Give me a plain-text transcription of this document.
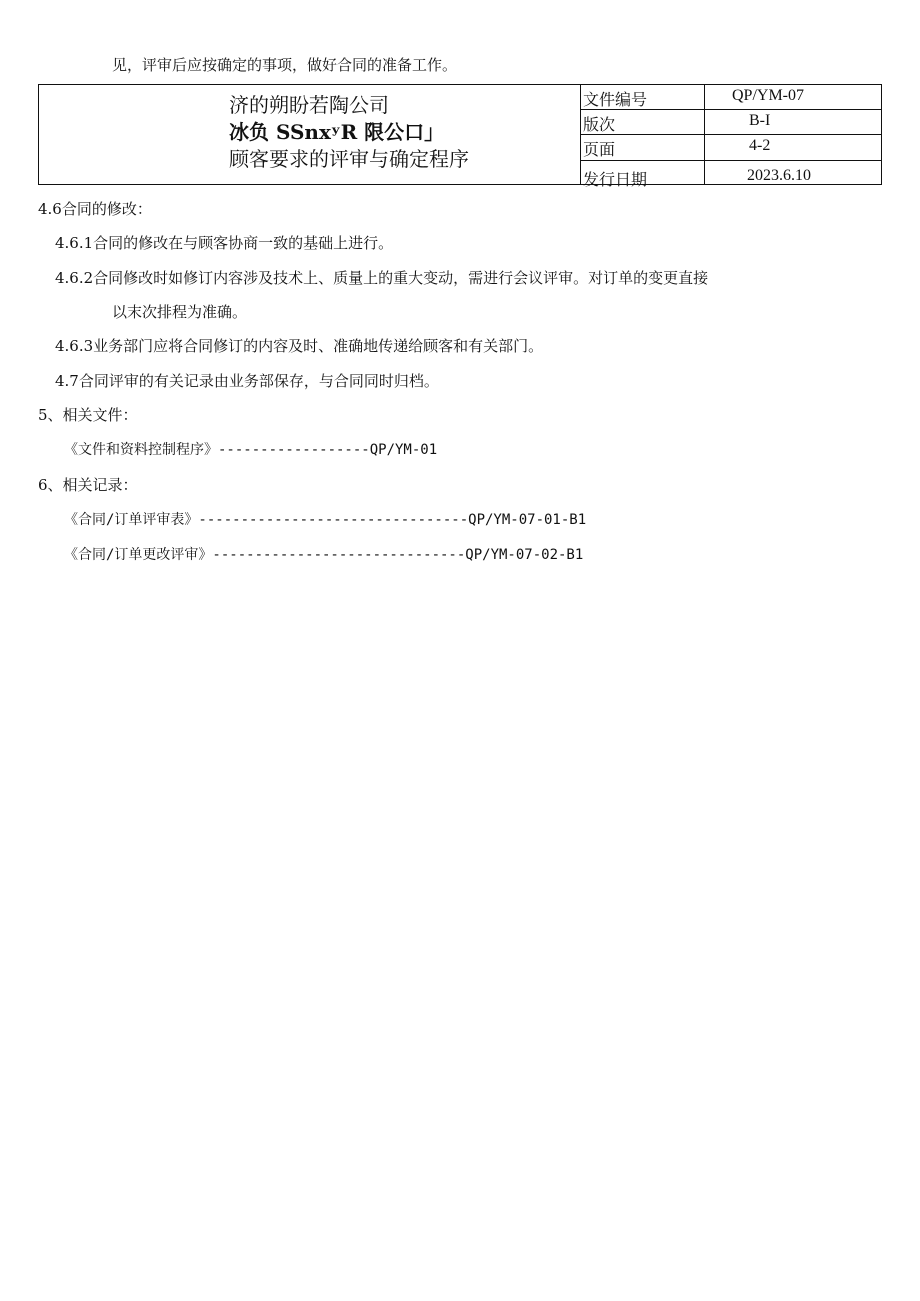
见，评审后应按确定的事项，做好合同的准备工作。
济的朔盼若陶公司
冰负 SSnxʸR 限公口」
顾客要求的评审与确定程序
文件编号	QP/YM-07
版次	B-I
页面	4-2
发行日期	2023.6.10
4.6合同的修改：
4.6.1合同的修改在与顾客协商一致的基础上进行。
4.6.2合同修改时如修订内容涉及技术上、质量上的重大变动，需进行会议评审。对订单的变更直接
以末次排程为准确。
4.6.3业务部门应将合同修订的内容及时、准确地传递给顾客和有关部门。
4.7合同评审的有关记录由业务部保存，与合同同时归档。
5、相关文件：
《文件和资料控制程序》------------------QP/YM-01
6、相关记录：
《合同/订单评审表》--------------------------------QP/YM-07-01-B1
《合同/订单更改评审》------------------------------QP/YM-07-02-B1
